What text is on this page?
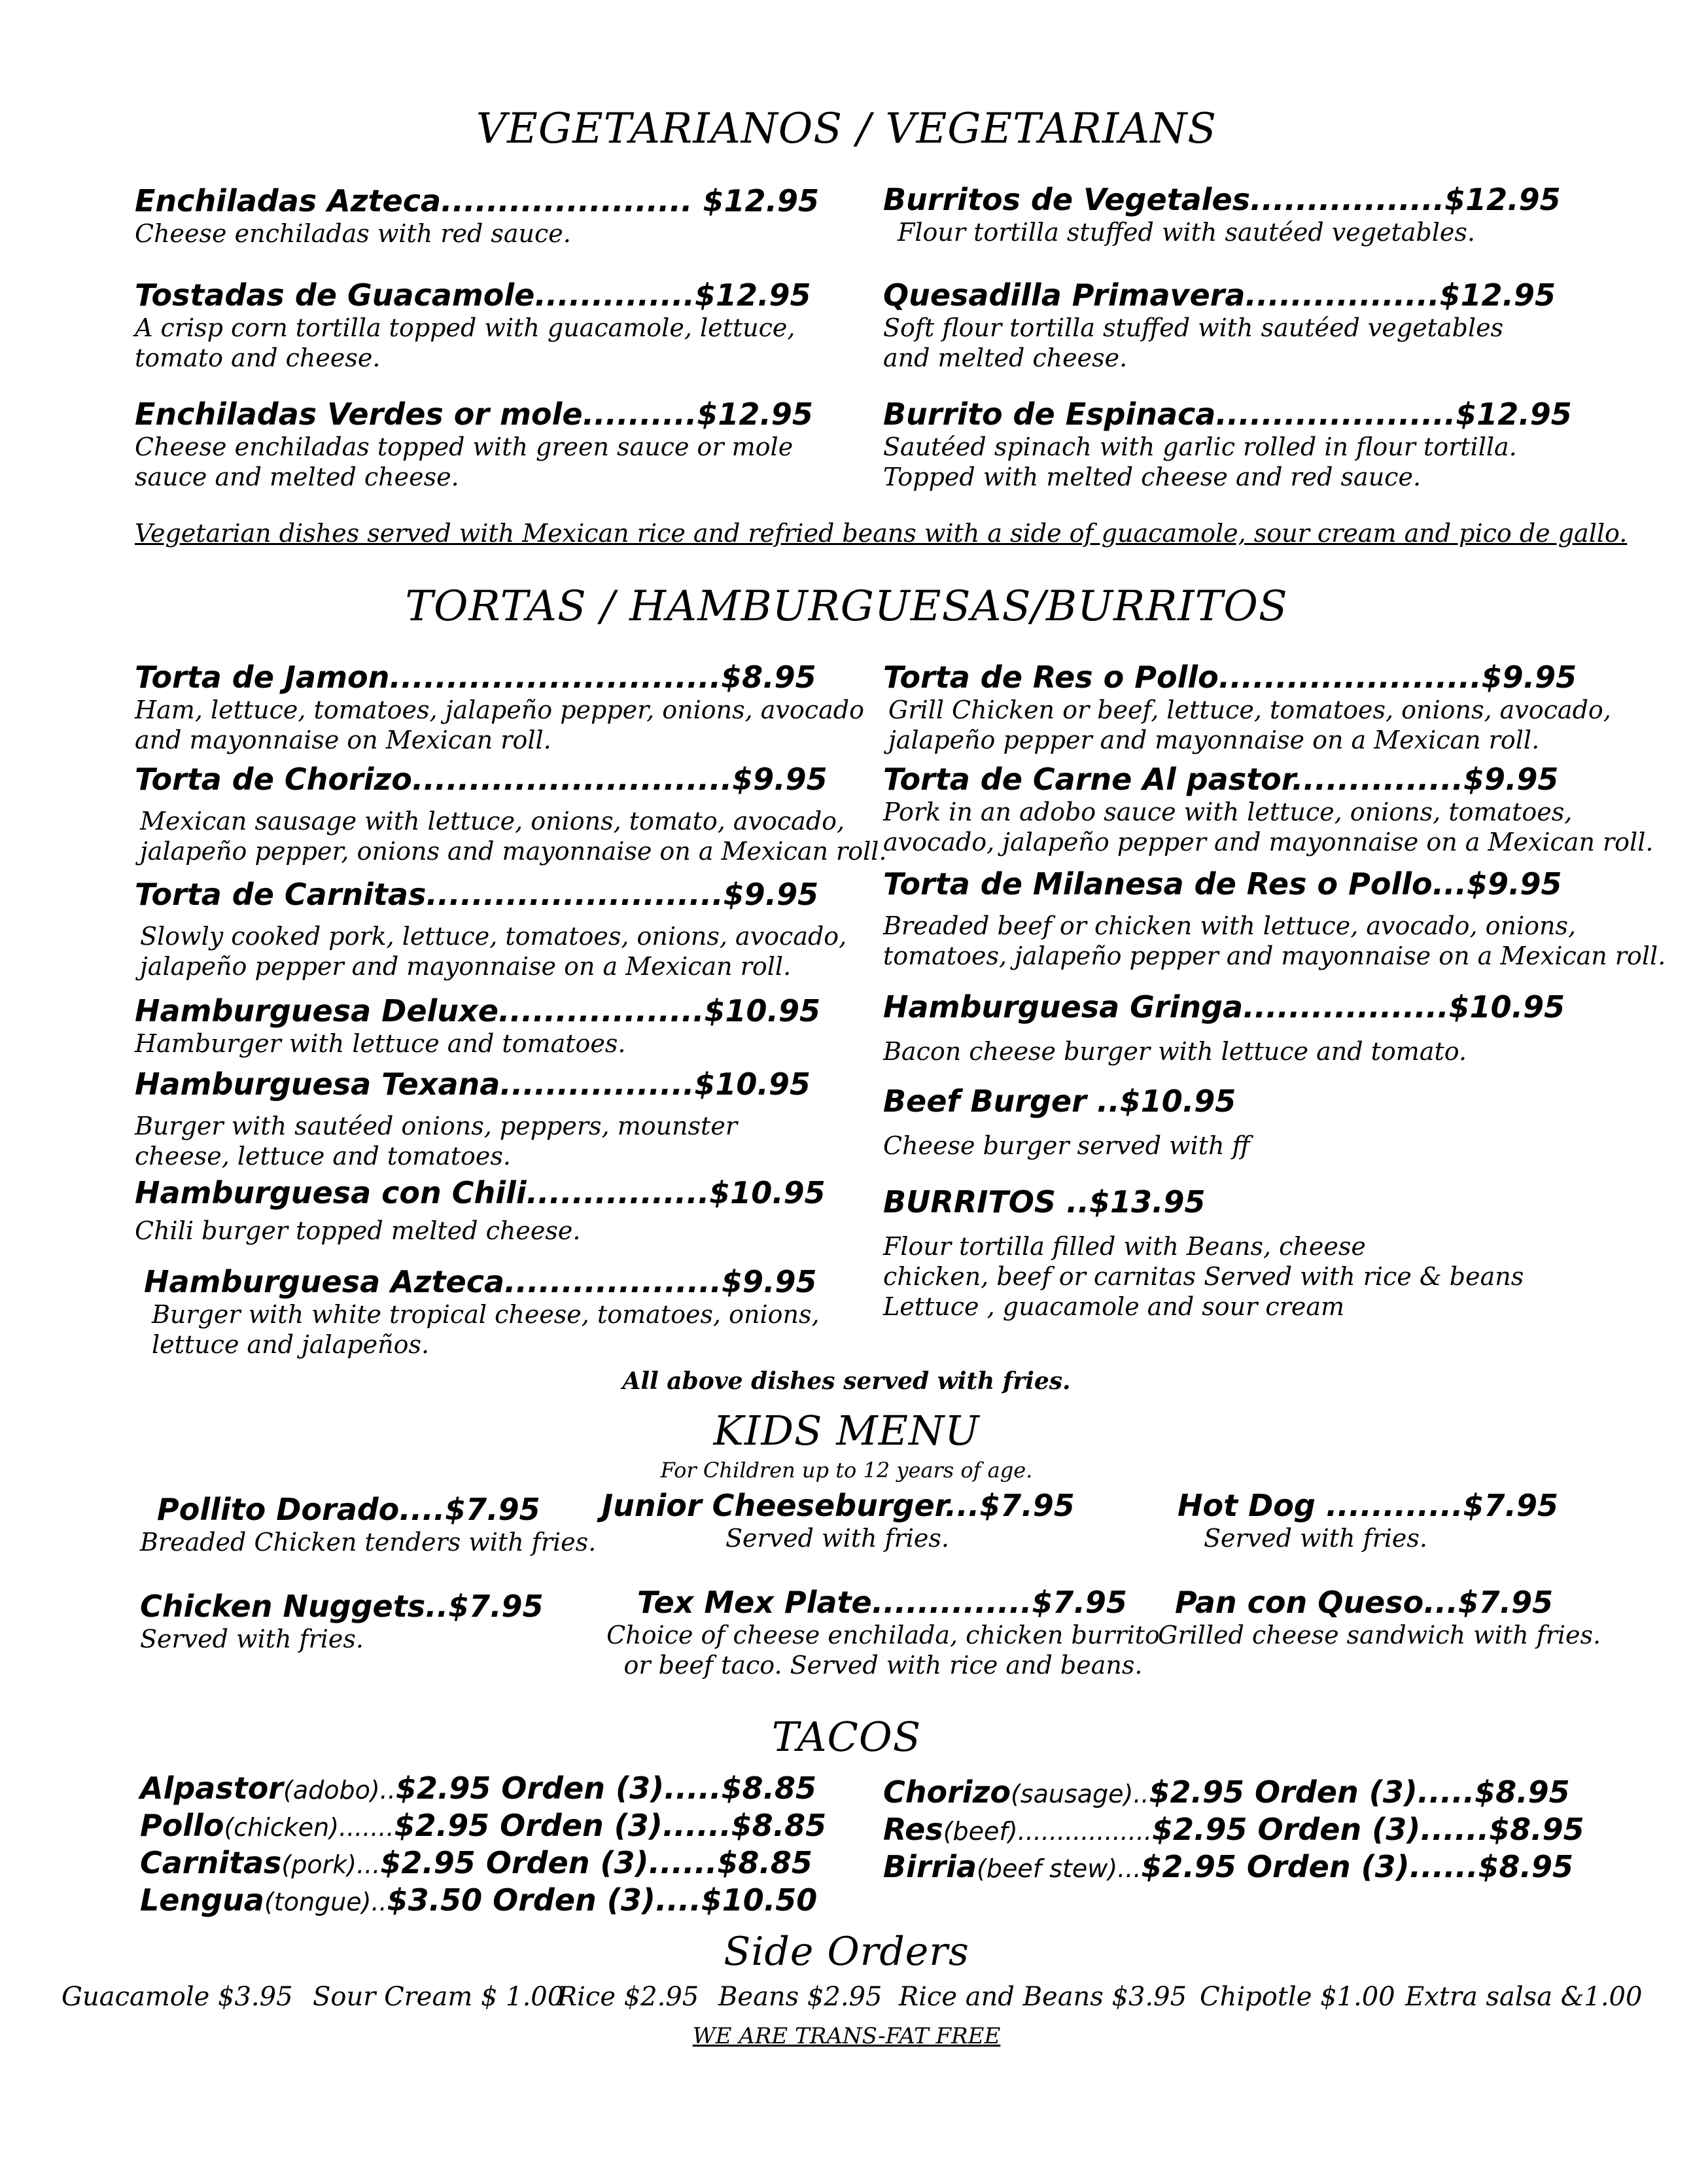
VEGETARIANOS / VEGETARIANS
Enchiladas Azteca...................... $12.95
Cheese enchiladas with red sauce.
Tostadas de Guacamole..............$12.95
A crisp corn tortilla topped with guacamole, lettuce,
tomato and cheese.
Enchiladas Verdes or mole..........$12.95
Cheese enchiladas topped with green sauce or mole
sauce and melted cheese.
Burritos de Vegetales.................$12.95
Flour tortilla stuffed with sautéed vegetables.
Quesadilla Primavera.................$12.95
Soft flour tortilla stuffed with sautéed vegetables
and melted cheese.
Burrito de Espinaca.....................$12.95
Sautéed spinach with garlic rolled in flour tortilla.
Topped with melted cheese and red sauce.
Vegetarian dishes served with Mexican rice and refried beans with a side of guacamole, sour cream and pico de gallo.
TORTAS / HAMBURGUESAS/BURRITOS
Torta de Jamon.............................$8.95
Ham, lettuce, tomatoes, jalapeño pepper, onions, avocado
and mayonnaise on Mexican roll.
Torta de Chorizo............................$9.95
Mexican sausage with lettuce, onions, tomato, avocado,
jalapeño pepper, onions and mayonnaise on a Mexican roll.
Torta de Carnitas..........................$9.95
Slowly cooked pork, lettuce, tomatoes, onions, avocado,
jalapeño pepper and mayonnaise on a Mexican roll.
Hamburguesa Deluxe..................$10.95
Hamburger with lettuce and tomatoes.
Hamburguesa Texana.................$10.95
Burger with sautéed onions, peppers, mounster
cheese, lettuce and tomatoes.
Hamburguesa con Chili................$10.95
Chili burger topped melted cheese.
Hamburguesa Azteca...................$9.95
Burger with white tropical cheese, tomatoes, onions,
lettuce and jalapeños.
Torta de Res o Pollo.......................$9.95
Grill Chicken or beef, lettuce, tomatoes, onions, avocado,
jalapeño pepper and mayonnaise on a Mexican roll.
Torta de Carne Al pastor...............$9.95
Pork in an adobo sauce with lettuce, onions, tomatoes,
avocado, jalapeño pepper and mayonnaise on a Mexican roll.
Torta de Milanesa de Res o Pollo...$9.95
Breaded beef or chicken with lettuce, avocado, onions,
tomatoes, jalapeño pepper and mayonnaise on a Mexican roll.
Hamburguesa Gringa..................$10.95
Bacon cheese burger with lettuce and tomato.
Beef Burger ..$10.95
Cheese burger served with ff
BURRITOS ..$13.95
Flour tortilla filled with Beans, cheese
chicken, beef or carnitas Served with rice & beans
Lettuce , guacamole and sour cream
All above dishes served with fries.
KIDS MENU
For Children up to 12 years of age.
Pollito Dorado....$7.95
Breaded Chicken tenders with fries.
Junior Cheeseburger...$7.95
Served with fries.
Hot Dog ............$7.95
Served with fries.
Chicken Nuggets..$7.95
Served with fries.
Tex Mex Plate..............$7.95
Choice of cheese enchilada, chicken burrito
or beef taco. Served with rice and beans.
Pan con Queso...$7.95
Grilled cheese sandwich with fries.
TACOS
Alpastor(adobo)..$2.95 Orden (3).....$8.85
Pollo(chicken).......$2.95 Orden (3)......$8.85
Carnitas(pork)...$2.95 Orden (3)......$8.85
Lengua(tongue)..$3.50 Orden (3)....$10.50
Chorizo(sausage)..$2.95 Orden (3).....$8.95
Res(beef).................$2.95 Orden (3)......$8.95
Birria(beef stew)...$2.95 Orden (3)......$8.95
Side Orders
Guacamole $3.95 Sour Cream $ 1.00
Rice $2.95 Beans $2.95 Rice and Beans $3.95 Chipotle $1.00 Extra salsa &1.00
WE ARE TRANS-FAT FREE
